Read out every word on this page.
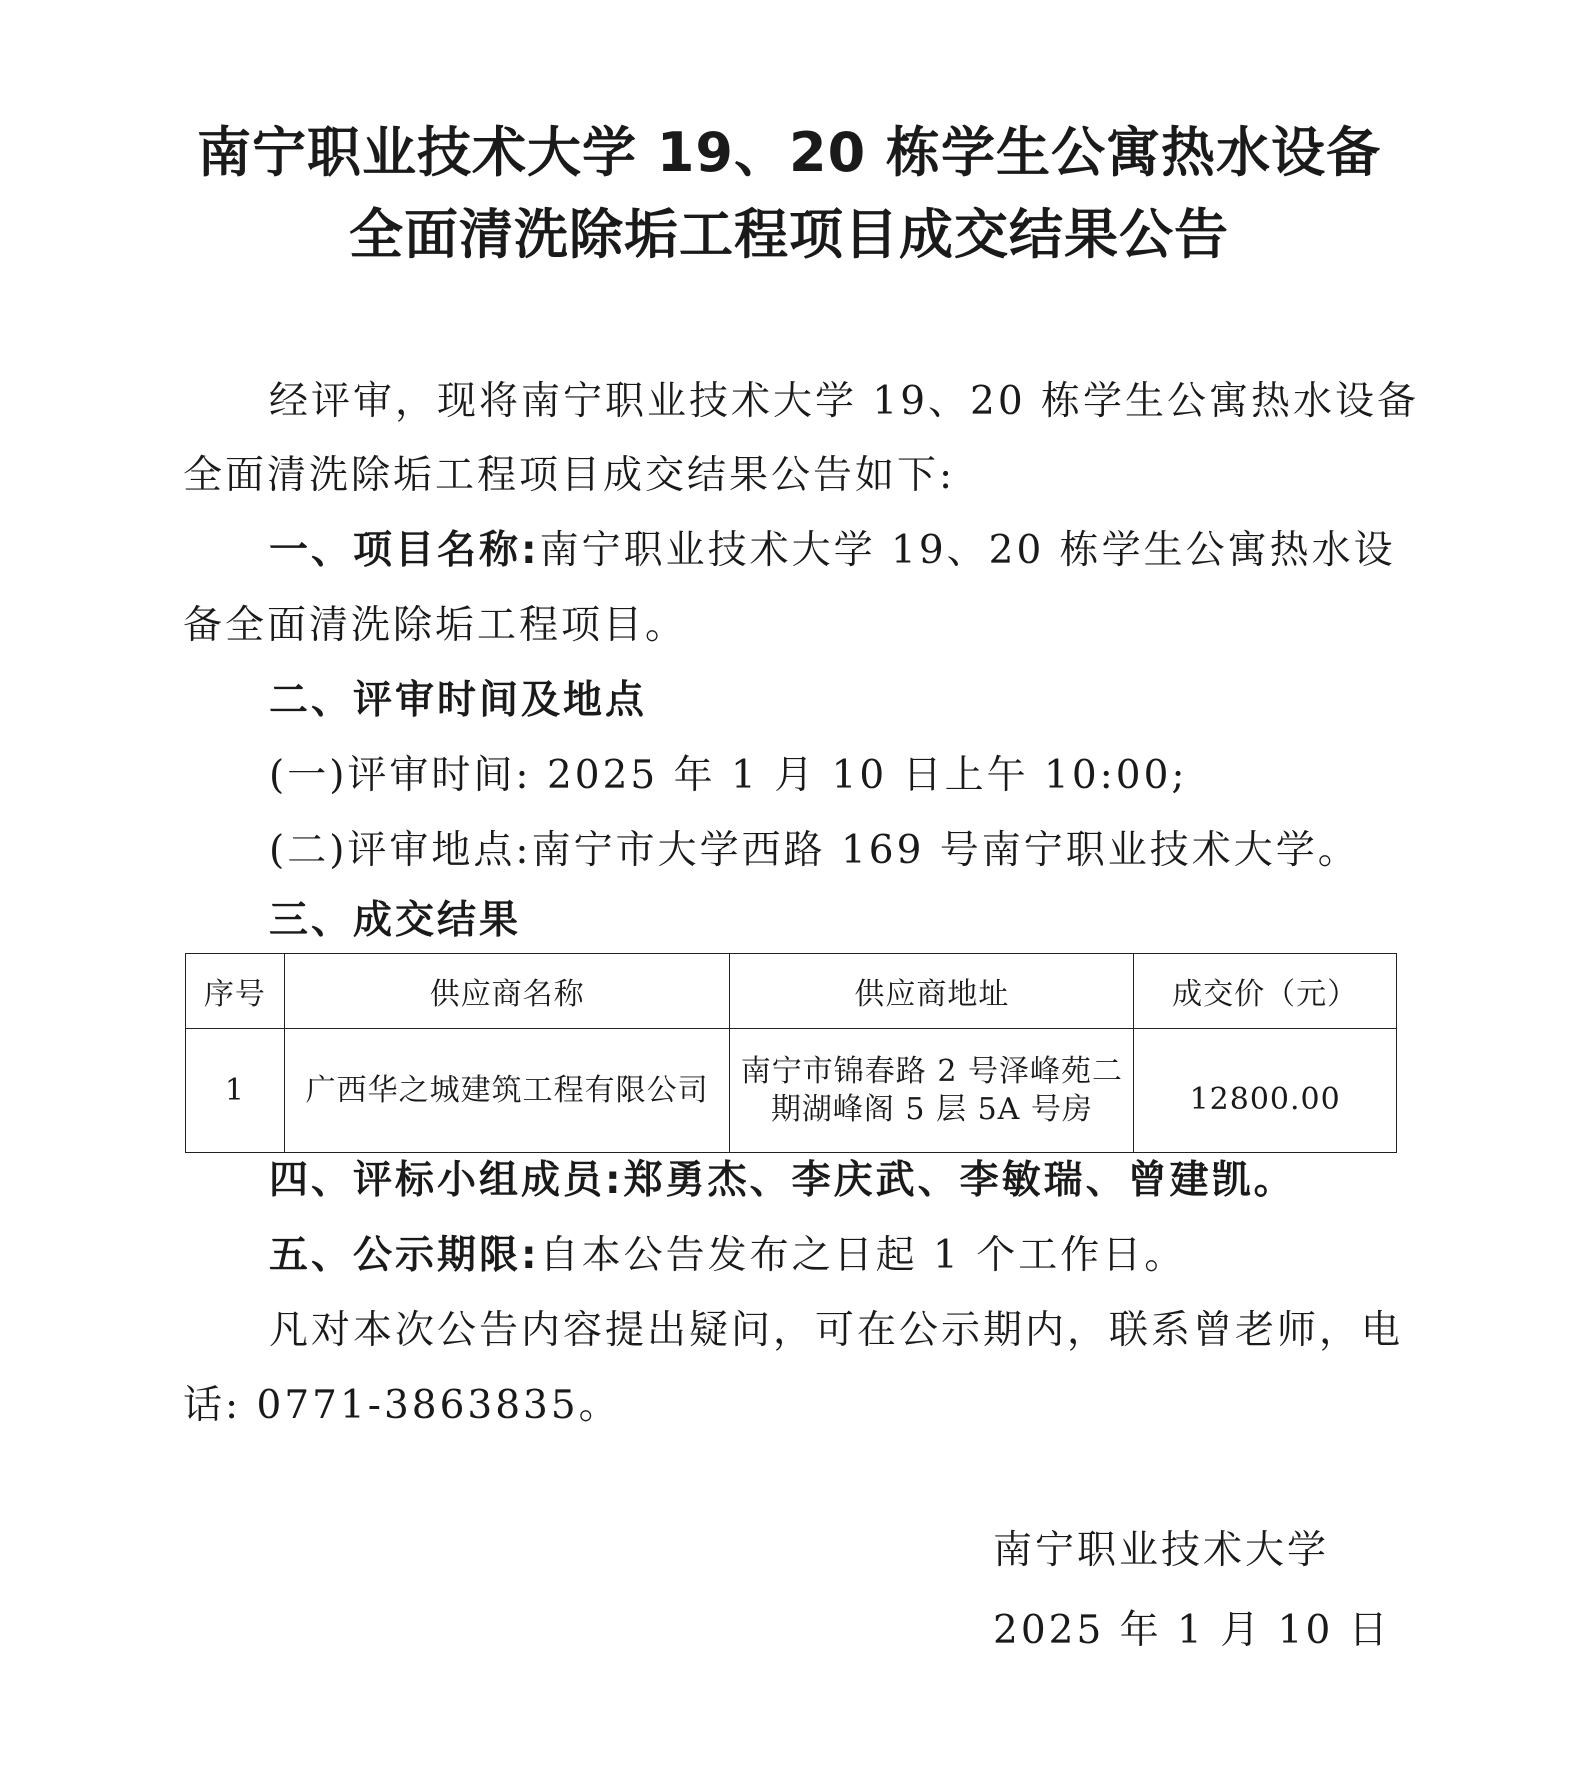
南宁职业技术大学 19、20 栋学生公寓热水设备
全面清洗除垢工程项目成交结果公告

经评审，现将南宁职业技术大学 19、20 栋学生公寓热水设备

全面清洗除垢工程项目成交结果公告如下:

一、项目名称:南宁职业技术大学 19、20 栋学生公寓热水设

备全面清洗除垢工程项目。

二、评审时间及地点

(一)评审时间: 2025 年 1 月 10 日上午 10:00;

(二)评审地点:南宁市大学西路 169 号南宁职业技术大学。

三、成交结果

序号	供应商名称	供应商地址	成交价（元）
1	广西华之城建筑工程有限公司	南宁市锦春路 2 号泽峰苑二
期湖峰阁 5 层 5A 号房	12800.00

四、评标小组成员:郑勇杰、李庆武、李敏瑞、曾建凯。

五、公示期限:自本公告发布之日起 1 个工作日。

凡对本次公告内容提出疑问，可在公示期内，联系曾老师，电

话: 0771-3863835。

南宁职业技术大学
2025 年 1 月 10 日
